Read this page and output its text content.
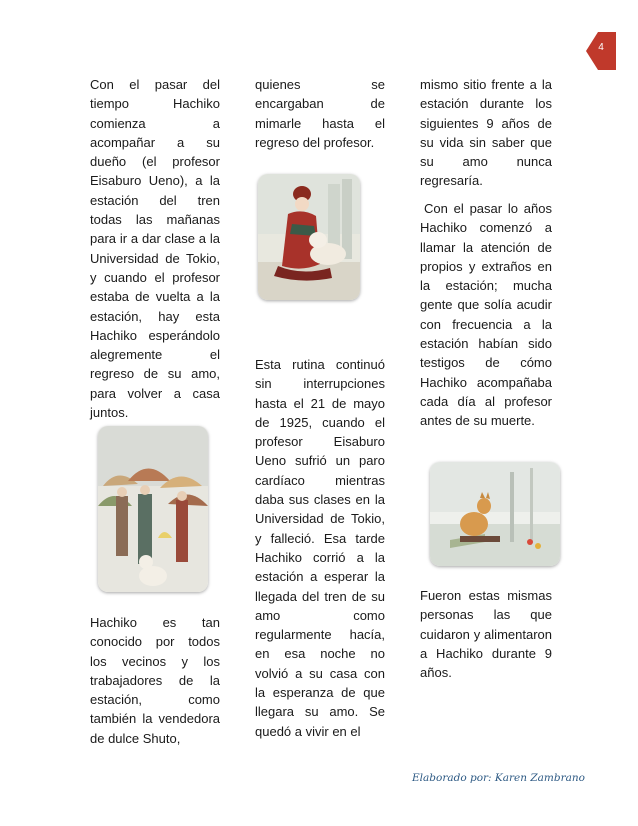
4

Con el pasar del tiempo Hachiko comienza a acompañar a su dueño (el profesor Eisaburo Ueno), a la estación del tren todas las mañanas para ir a dar clase a la Universidad de Tokio, y cuando el profesor estaba de vuelta a la estación, hay esta Hachiko esperándolo alegremente el regreso de su amo, para volver a casa juntos.

Hachiko es tan conocido por todos los vecinos y los trabajadores de la estación, como también la vendedora de dulce Shuto,

quienes se encargaban de mimarle hasta el regreso del profesor.

Esta rutina continuó sin interrupciones hasta el 21 de mayo de 1925, cuando el profesor Eisaburo Ueno sufrió un paro cardíaco mientras daba sus clases en la Universidad de Tokio, y falleció. Esa tarde Hachiko corrió a la estación a esperar la llegada del tren de su amo como regularmente hacía, en esa noche no volvió a su casa con la esperanza de que llegara su amo. Se quedó a vivir en el

mismo sitio frente a la estación durante los siguientes 9 años de su vida sin saber que su amo nunca regresaría.

Con el pasar lo años Hachiko comenzó a llamar la atención de propios y extraños en la estación; mucha gente que solía acudir con frecuencia a la estación habían sido testigos de cómo Hachiko acompañaba cada día al profesor antes de su muerte.

Fueron estas mismas personas las que cuidaron y alimentaron a Hachiko durante 9 años.

Elaborado por: Karen Zambrano
